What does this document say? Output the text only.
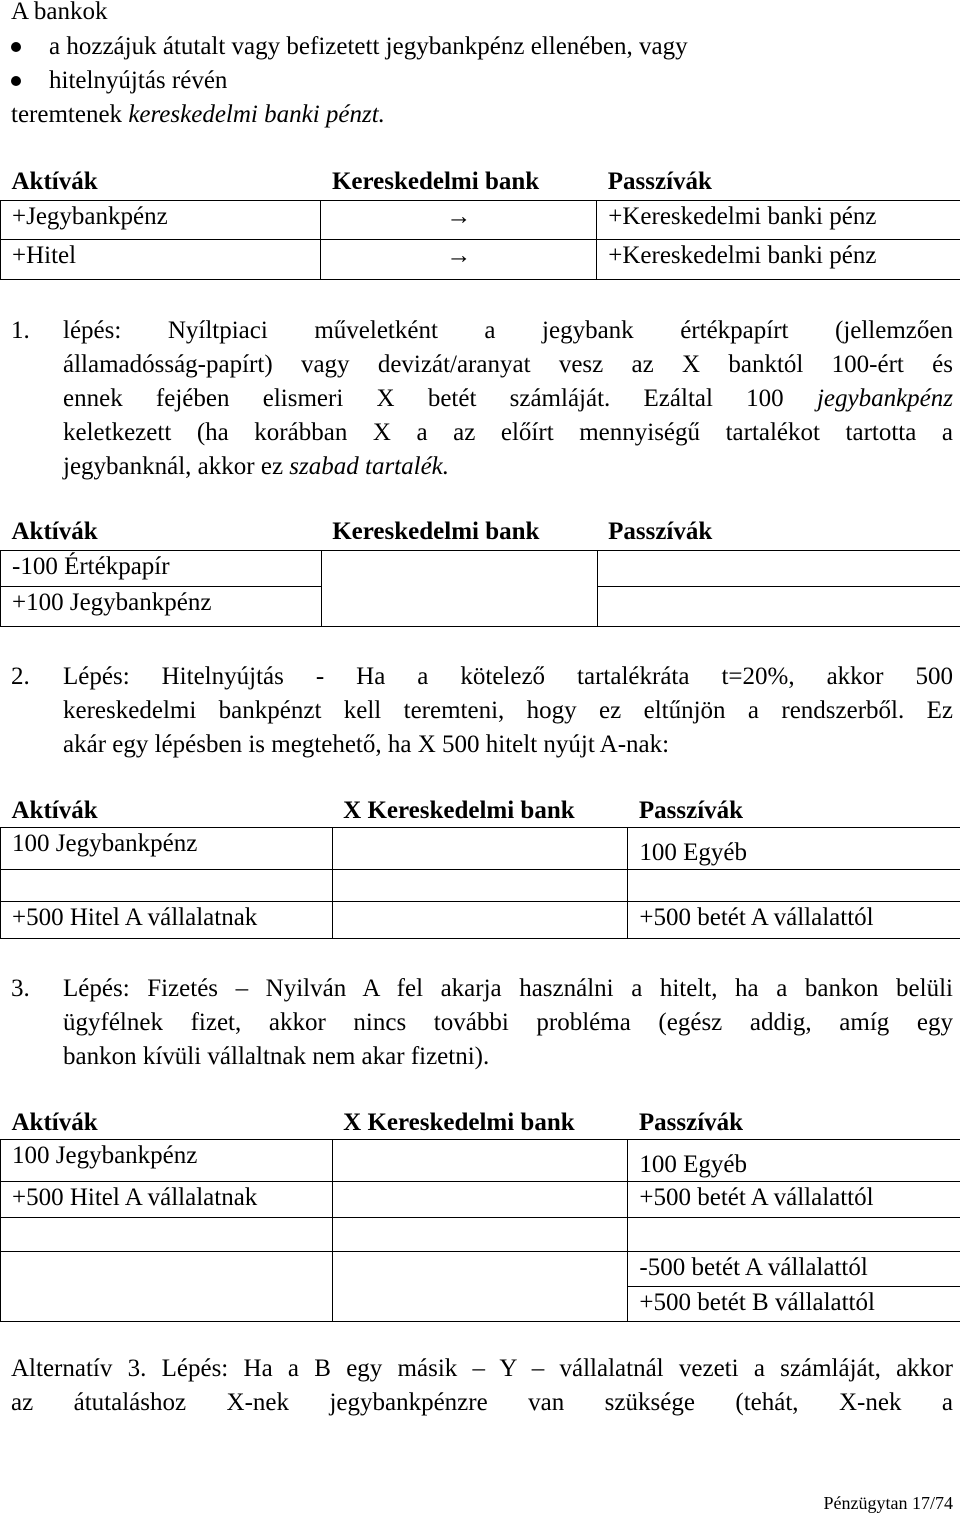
A bankok
a hozzájuk átutalt vagy befizetett jegybankpénz ellenében, vagy
hitelnyújtás révén
teremtenek kereskedelmi banki pénzt.
Aktívák	Kereskedelmi bank	Passzívák
+Jegybankpénz	→	+Kereskedelmi banki pénz
+Hitel	→	+Kereskedelmi banki pénz
1. lépés: Nyíltpiaci műveletként a jegybank értékpapírt (jellemzően
államadósság-papírt) vagy devizát/aranyat vesz az X banktól 100-ért és
ennek fejében elismeri X betét számláját. Ezáltal 100 jegybankpénz
keletkezett (ha korábban X a az előírt mennyiségű tartalékot tartotta a
jegybanknál, akkor ez szabad tartalék.
Aktívák	Kereskedelmi bank	Passzívák
-100 Értékpapír		
+100 Jegybankpénz		
2. Lépés: Hitelnyújtás - Ha a kötelező tartalékráta t=20%, akkor 500
kereskedelmi bankpénzt kell teremteni, hogy ez eltűnjön a rendszerből. Ez
akár egy lépésben is megtehető, ha X 500 hitelt nyújt A-nak:
Aktívák	X Kereskedelmi bank	Passzívák
100 Jegybankpénz		100 Egyéb

+500 Hitel A vállalatnak		+500 betét A vállalattól
3. Lépés: Fizetés – Nyilván A fel akarja használni a hitelt, ha a bankon belüli
ügyfélnek fizet, akkor nincs további probléma (egész addig, amíg egy
bankon kívüli vállaltnak nem akar fizetni).
Aktívák	X Kereskedelmi bank	Passzívák
100 Jegybankpénz		100 Egyéb
+500 Hitel A vállalatnak		+500 betét A vállalattól

		-500 betét A vállalattól
		+500 betét B vállalattól
Alternatív 3. Lépés: Ha a B egy másik – Y – vállalatnál vezeti a számláját, akkor
az átutaláshoz X-nek jegybankpénzre van szüksége (tehát, X-nek a
Pénzügytan 17/74
